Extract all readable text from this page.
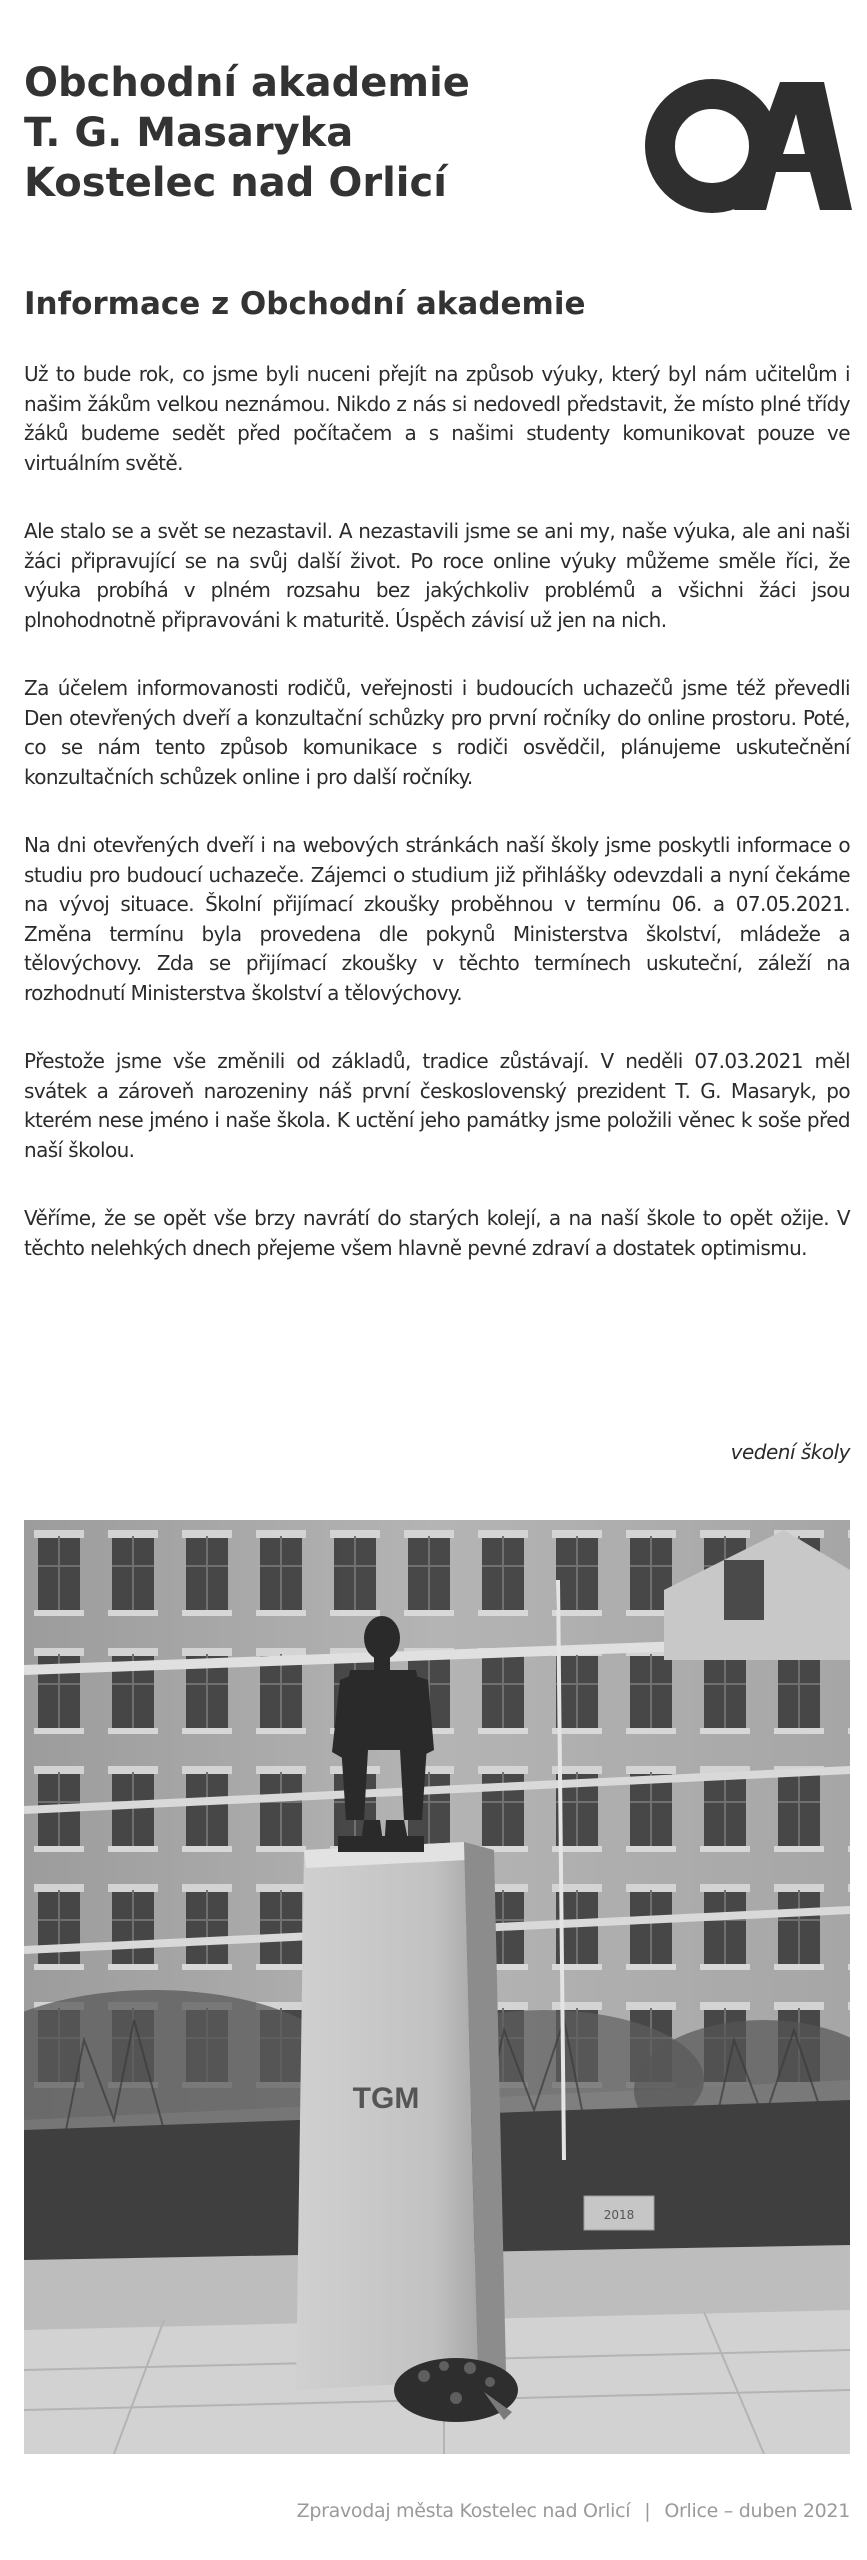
Obchodní akademie
T. G. Masaryka
Kostelec nad Orlicí
Informace z Obchodní akademie

Už to bude rok, co jsme byli nuceni přejít na způsob výuky, který byl nám učitelům i našim žákům velkou neznámou. Nikdo z nás si nedovedl představit, že místo plné třídy žáků budeme sedět před počítačem a s našimi studenty komunikovat pouze ve virtuálním světě.

Ale stalo se a svět se nezastavil. A nezastavili jsme se ani my, naše výuka, ale ani naši žáci připravující se na svůj další život. Po roce online výuky můžeme směle říci, že výuka probíhá v plném rozsahu bez jakýchkoliv problémů a všichni žáci jsou plnohodnotně připravováni k maturitě. Úspěch závisí už jen na nich.

Za účelem informovanosti rodičů, veřejnosti i budoucích uchazečů jsme též převedli Den otevřených dveří a konzultační schůzky pro první ročníky do online prostoru. Poté, co se nám tento způsob komunikace s rodiči osvědčil, plánujeme uskutečnění konzultačních schůzek online i pro další ročníky.

Na dni otevřených dveří i na webových stránkách naší školy jsme poskytli informace o studiu pro budoucí uchazeče. Zájemci o studium již přihlášky odevzdali a nyní čekáme na vývoj situace. Školní přijímací zkoušky proběhnou v termínu 06. a 07.05.2021. Změna termínu byla provedena dle pokynů Ministerstva školství, mládeže a tělovýchovy. Zda se přijímací zkoušky v těchto termínech uskuteční, záleží na rozhodnutí Ministerstva školství a tělovýchovy.

Přestože jsme vše změnili od základů, tradice zůstávají. V neděli 07.03.2021 měl svátek a zároveň narozeniny náš první československý prezident T. G. Masaryk, po kterém nese jméno i naše škola. K uctění jeho památky jsme položili věnec k soše před naší školou.

Věříme, že se opět vše brzy navrátí do starých kolejí, a na naší škole to opět ožije. V těchto nelehkých dnech přejeme všem hlavně pevné zdraví a dostatek optimismu.

vedení školy
TGM
2018
Zpravodaj města Kostelec nad Orlicí | Orlice – duben 2021
